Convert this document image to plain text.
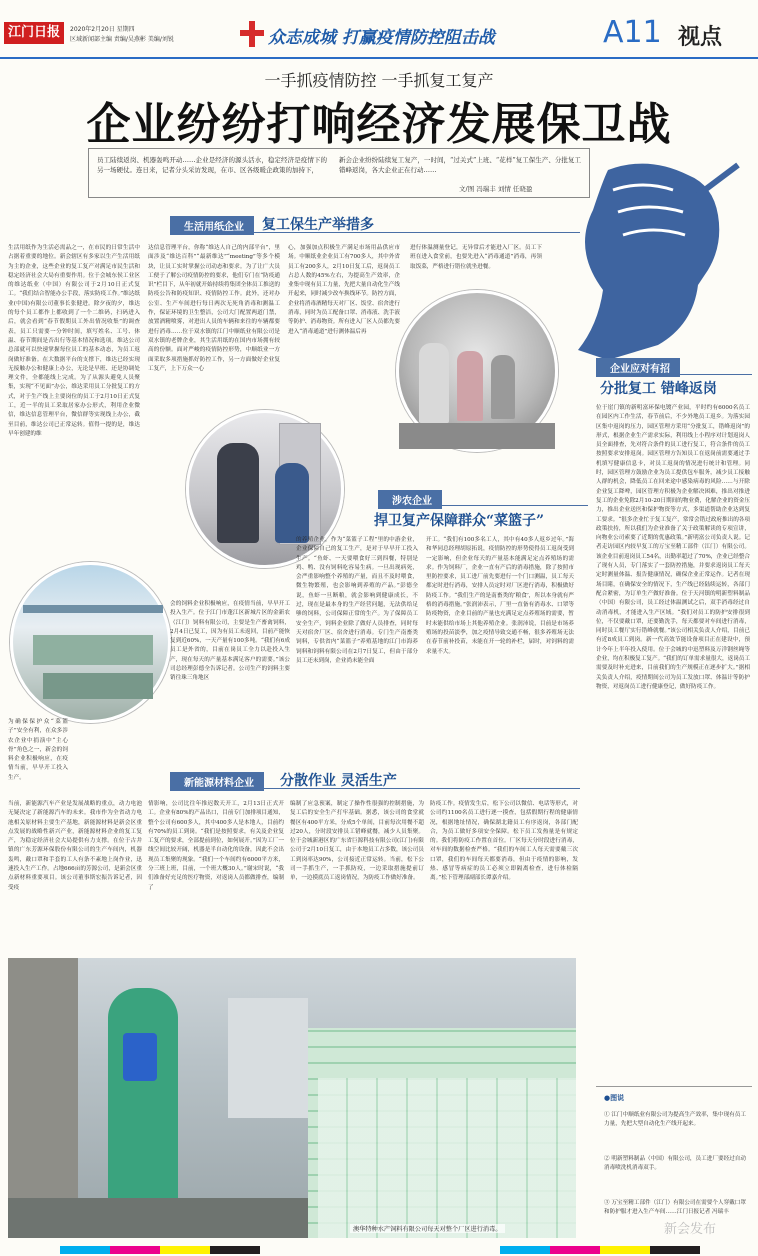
江门日报	2020年2月20日 星期四
区域新闻部主编 责编/吴燕彬 美编/刘锐	众志成城 打赢疫情防控阻击战	A11 视点
一手抓疫情防控 一手抓复工复产
企业纷纷打响经济发展保卫战
员工陆续返岗、机器轰鸣开动……企业是经济的源头活水，稳定经济是疫情下的另一场硬仗。连日来，记者分头采访发现，在市、区各级暖企政策的加持下，
新会企业纷纷陆续复工复产，一时间，“过关式”上班、“花样”复工保生产、分批复工错峰返岗，各大企业正在行动……
文/图 冯瑞丰 刘情 任晓盈
生活用纸企业	复工保生产举措多
生活用纸作为生活必需品之一，在市民的日常生活中占据着重要的地位。新会辖区有多家以生产生活用纸为主的企业，这些企业的复工复产对满足市民生活和稳定经济社会大局有重要作用。位于会城东侯工业区的维达纸业（中国）有限公司于2月10日正式复工。“我们结合智能办公手段，落实防疫工作。”维达纸业(中国)有限公司董事长张健进。除夕夜的夕，维达的每个员工都作上都收到了一个二维码，扫码进入后，就会看到“春节假期员工外出情况收集”的调查表，员工只需要一分钟时间，填写姓名、工号、体温、春节期间是否出行等基本情况和选项。维达公司总部就可以快速掌握每位员工的基本动态，为员工返岗做好准备。在大数据平台的支撑下，维达已经实现无接触办公和健康上办公，无论是早班、还是协调处理文件，全都能线上完成。为了从源头避免人员聚集，实现“不见面”办公，维达采用员工分批复工的方式，对于生产线上主要岗位的员工于2月10日正式复工，近一半的员工采取居家办公形式，利用企业微信，维达信息管理平台，微信群等实现线上办公，截至目前，维达公司已正常运转。值得一提的是，维达早年创建的维
达信息管理平台，你称“维达人自己的内部平台”，里面涉及“维达百科”“最新维达”“meeting”等多个模块，让员工实时掌握公司动态和要求。为了让广大员工便于了解公司疫情防控的要求，他们专门在“防疫通识”栏目下，从年初就开始持续将集团全体员工推送的防疫公告和防疫知识、疫情防控工作。此外，还对办公室、生产车间进行每日两次无死角消毒和测温工作，保证环境的卫生整洁，公司大门配置两道门禁，放置酒精喷雾，对进出人员的车辆和来往的车辆都要进行消毒……位于双水镇的江门中顺纸业有限公司是双水镇的老牌企业，其生活用纸的在国内市场拥有较高的份额。面对严峻的疫情防控形势，中顺纸业一方面采取多项措施抓好防控工作，另一方面做好企业复工复产，上下万众一心
心，加强加点积极生产满足市场用品供应市场。中顺纸业企业员工有700多人，其中外省员工有200多人，2月10日复工后，返岗员工占总人数的45%左右，为提高生产效率，企业集中现有员工力量，先把大量自动化生产线开起来，同时减少改车换线环节。防控方面，企业将消毒酒精每天对厂区、饭堂、宿舍进行消毒，同时为员工配备口罩、消毒液、洗手液等防护、消毒物资。所有进入厂区人员都先要进入“消毒通道”进行测体温后再
进行体温测量登记，无异常后才能进入厂区。员工下班在进入食堂前，也要先进入“消毒通道”消毒，再领取饭菜，严格进行错位就坐进餐。
涉农企业
捍卫复产保障群众“菜篮子”
为确保保护众“菜篮子”安全有利，在众多涉农企业中捐演中“主心骨”角色之一，新会的饲料企业积极响应，在疫情当前，早早开工投入生产。
会的饲料企业积极响应，在疫情当前，早早开工投入生产。位于江门市蓬江区新城片区的金新农（江门）饲料有限公司，主要是生产畜禽饲料，2月4日已复工，因为有员工未返回，目前产能恢复到近60%，一天产量有100多吨。“我们有6成员工是外省的，目前在岗员工全力以赴投入生产，现在每天的产量基本满足客户的需要。”该公司总经理彭德全告诉记者。公司生产的饲料主要销往珠三角地区
的养殖企业，作为“菜篮子工程”里的中游企业，企业保障自己的复工生产，是对于早早开工投入生产。“鱼虾、一天要喂食好三到四餐，特别是鸡、鸭、没有饲料吃容易生病。一旦出现病死，会严重影响整个养殖的产量，而且不及时喂食，微生物繁殖，也会影响到养殖的产品。”彭德全说，鱼虾一旦断粮，就会影响到健康成长，不过，现在是最本身的生产经营问题，无法供给足够的饲料，公司保障正常的生产。为了保障员工安全生产，饲料企业除了做好人员排查，同时每天对宿舍厂区、宿舍进行消毒。专门生产南畜类饲料，专供省内“菜篮子”养殖基地的江门市海养饲料和饲料有限公司在2月7日复工，但由于部分员工还未到岗，企业尚未能全面
开工。“我们有100多名工人，其中有40多人返乡过年。”海和华同总经理胡原拓说，疫情防控的形势使得员工返岗受到一定影响，但企业每天的产量基本能满足定点养殖场的需求。作为饲料厂，企业一直有产后的消毒措施，除了按照市里防控要求，员工进厂前先要进行一个门口测温，员工每天都定时进行消毒，安排人员定时对厂区进行消毒，积极做好防疫工作。“我们生产的是南畜类的‘粮食’，所以本身就有严格的消毒措施。”张润沛表示，厂里一直备有消毒水、口罩等防疫物资，企业目前的产量也充满足定点养殖场的需要，暂时未能供给市场上其他养殖企业。张润沛说，目前是市场养殖场的投苗淡季，加之疫情导致交通不畅，很多养殖场无法在春节前补投苗，未能在开一轮的补栏，届时，对饲料的需求量不大。
新能源材料企业	分散作业 灵活生产
当前，新能源汽车产业是发展战略的重点，动力电池无疑决定了新能源汽车的未来。我市作为全省动力电池相关原材料主要生产基地，新能源材料是新会区重点发展的战略性新兴产业，新能源材料企业的复工复产，为稳定经济社会大局提供有力支撑。在位于古井镇的广东芳源环保股份有限公司的生产车间内，机器轰鸣，戴口罩和手套的工人有条不紊地上岗作业，迅速投入生产工作。占地666亩的芳源公司，是新会区重点新材料重要项目。该公司董事斯宏振告诉记者，因受疫
情影响，公司比往年推迟数天开工，2月13日正式开工。企业有80%的产品出口，目前专门加排项目通知，整个公司有600多人，其中400多人是本地人，目前约有70%的员工到岗。“我们是按照要求，有关及企业复工复产的要求，全部提前到位，如何展开。”因为工厂一线空间比较开阔，机器是半自动化的设备，因此不会出现员工集聚的现象。“我们一个车间约有6000平方米，分三班上班，目前，一个班大概30人。”谢宋时说，“我们准备好充足的医疗物资，对返岗人员都做排查，编制了
编制了应急预案，制定了操作性很强的控制措施，为复工后的安全生产打牢基础。据悉，该公司的食堂就餐区有400平方米，分成5个单间，目前每次用餐不超过20人，分时段安排员工错峰就餐，减少人员集聚。位于会城新港区的广东省巨源科技有限公司(江门)有限公司于2月10日复工，由于本地员工占多数，该公司员工到岗率达90%，公司接近正常运转。当前，松下公司一手抓生产，一手抓防疫，一边采取措施提前订单，一边摸底员工返岗情况，为防疫工作做好准备。
防疫工作。疫情发生后，松下公司以微信、电话等形式，对公司约1100名员工进行逐一摸查，包括假期行程的健康情况，根据地址情况，确保湖北籍员工有序返岗，各部门配合，为员工做好多项安全保障。松下员工发热量是有规定的。我们将防疫工作置在首位。厂区每天分时段进行消毒，对车间的数据检查严格。“我们的车间工人每天需要戴三次口罩，我们的车间每天都要消毒，但由于疫情的影响，发热、感冒等病症的员工必须立即隔离检查，进行体检隔离。”松下管理部副部长谭嘉介绍。
澳华特种水产饲料有限公司每天对整个厂区进行消毒。
企业应对有招
分批复工 错峰返岗
位于崖门镇的新明富环保电镀产业园，平时约有6000名员工在园区内工作生活，春节前后，不少外地员工返乡。为落实园区集中返岗的压力，园区管理方采用“分批复工，错峰返岗”的形式，根据企业生产需求实际，利用线上小程序对计划返岗人员全面排查，先对符合条件的员工进行复工，符合条件的员工按照要求安排返岗。园区管理方告知员工在返岗前需要通过手机填写健康信息卡，对员工返岗的情况进行统计和管理。同时，园区管理方鼓励企业为员工提供包车服务，减少员工接触人群的机会，降低员工在回来途中感染病毒的风险……与开除企业复工降啤，园区管理方积极为企业解决困难，推出对推进复工的企业免除2月10-20日期间的物业费，化解企业的资金压力，推出企业送医和保护物资等方式，多渠道帮助企业达到复工要求。“很多企业忙于复工复产，常常会错过政府推出的各项政策扶持，所以我们为企业准备了关于政策解读的专项宣讲，向物业公司索要了近期的优惠政策。”新明富公司负责人说。记者走访园区内较早复工的万宝至精工部件（江门）有限公司。该企业目前返岗员工54名，出勤率超过了70%，企业已经整合了现有人员，专门落实了一套防控措施，并要求返岗员工每天定时测量体温、报告健康情况，确保企业正常运作。记者在现场目睹，在确保安全的情况下，生产线已经陆续运转，各部门配合紧密，为订单生产做好准备。位于天河镇的明新塑料制品（中国）有限公司，员工经过体温测试之后，双手消毒经过自动消毒机，才能进入生产区域。“我们对员工的防护安排很到位，不仅要戴口罩，还要勤洗手，每天都要对车间进行消毒，同时员工餐厅实行错峰就餐。”该公司相关负责人介绍，目前已有近8成员工到岗。新一代高效节能设备项目正在建设中，预计今年上半年投入使用。位于会城的中迅塑料及万洋钢丝绳等企业，均在积极复工复产。“我们的订单需求量很大，返岗员工需要及时补充进来，目前我们的生产规模正在逐步扩大。”据相关负责人介绍，疫情期间公司为员工发放口罩、体温计等防护物资，对返岗员工进行健康登记，做好防疫工作。
●图说
① 江门中顺纸业有限公司为提高生产效率，集中现有员工力量，先把大型自动化生产线开起来。
② 明新塑料制品（中国）有限公司，员工进厂要经过自动消毒喷洗机消毒双手。
③ 万宝至精工部件（江门）有限公司在需要个人穿戴口罩和防护服才进入生产车间……江门日报记者 冯瑞丰
新会发布
